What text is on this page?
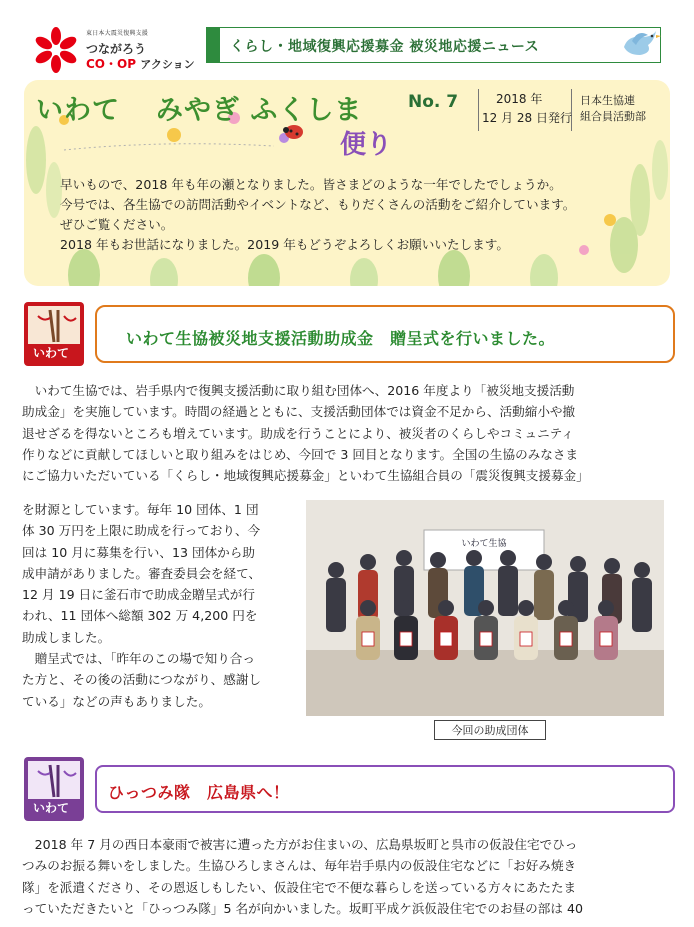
東日本大震災復興支援
つながろう
CO・OP アクション
くらし・地域復興応援募金 被災地応援ニュース
いわて みやぎ ふくしま
便り
No. 7	2018 年
12 月 28 日発行
日本生協連
組合員活動部

早いもので、2018 年も年の瀬となりました。皆さまどのような一年でしたでしょうか。

今号では、各生協での訪問活動やイベントなど、もりだくさんの活動をご紹介しています。

ぜひご覧ください。

2018 年もお世話になりました。2019 年もどうぞよろしくお願いいたします。

いわて
いわて生協被災地支援活動助成金　贈呈式を行いました。

　いわて生協では、岩手県内で復興支援活動に取り組む団体へ、2016 年度より「被災地支援活動

助成金」を実施しています。時間の経過とともに、支援活動団体では資金不足から、活動縮小や撤

退せざるを得ないところも増えています。助成を行うことにより、被災者のくらしやコミュニティ

作りなどに貢献してほしいと取り組みをはじめ、今回で 3 回目となります。全国の生協のみなさま

にご協力いただいている「くらし・地域復興応援募金」といわて生協組合員の「震災復興支援募金」

を財源としています。毎年 10 団体、1 団

体 30 万円を上限に助成を行っており、今

回は 10 月に募集を行い、13 団体から助

成申請がありました。審査委員会を経て、

12 月 19 日に釜石市で助成金贈呈式が行

われ、11 団体へ総額 302 万 4,200 円を

助成しました。

　贈呈式では、「昨年のこの場で知り合っ

た方と、その後の活動につながり、感謝し

ている」などの声もありました。

いわて生協
今回の助成団体
いわて
ひっつみ隊　広島県へ！

　2018 年 7 月の西日本豪雨で被害に遭った方がお住まいの、広島県坂町と呉市の仮設住宅でひっ

つみのお振る舞いをしました。生協ひろしまさんは、毎年岩手県内の仮設住宅などに「お好み焼き

隊」を派遣くださり、その恩返しもしたい、仮設住宅で不便な暮らしを送っている方々にあたたま

っていただきたいと「ひっつみ隊」5 名が向かいました。坂町平成ケ浜仮設住宅でのお昼の部は 40
